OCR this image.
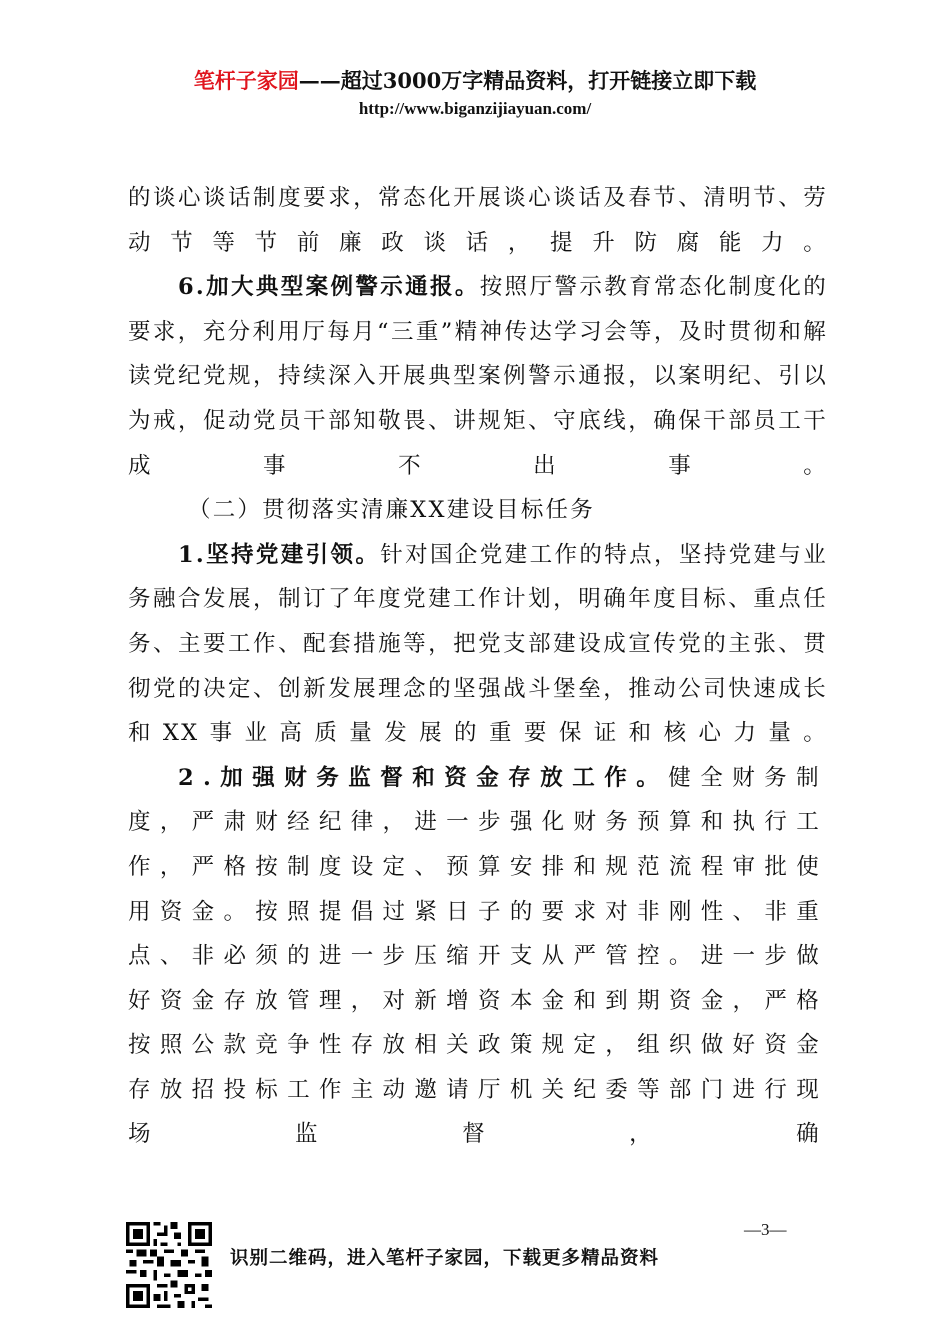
笔杆子家园——超过3000万字精品资料，打开链接立即下载
http://www.biganzijiayuan.com/

的谈心谈话制度要求，常态化开展谈心谈话及春节、清明节、劳动节等节前廉政谈话，提升防腐能力。

6.加大典型案例警示通报。按照厅警示教育常态化制度化的要求，充分利用厅每月“三重”精神传达学习会等，及时贯彻和解读党纪党规，持续深入开展典型案例警示通报，以案明纪、引以为戒，促动党员干部知敬畏、讲规矩、守底线，确保干部员工干成事不出事。

（二）贯彻落实清廉XX建设目标任务

1.坚持党建引领。针对国企党建工作的特点，坚持党建与业务融合发展，制订了年度党建工作计划，明确年度目标、重点任务、主要工作、配套措施等，把党支部建设成宣传党的主张、贯彻党的决定、创新发展理念的坚强战斗堡垒，推动公司快速成长和XX事业高质量发展的重要保证和核心力量。

2.加强财务监督和资金存放工作。健全财务制度，严肃财经纪律，进一步强化财务预算和执行工作，严格按制度设定、预算安排和规范流程审批使用资金。按照提倡过紧日子的要求对非刚性、非重点、非必须的进一步压缩开支从严管控。进一步做好资金存放管理，对新增资本金和到期资金，严格按照公款竞争性存放相关政策规定，组织做好资金存放招投标工作主动邀请厅机关纪委等部门进行现场监督，确

—3—
识别二维码，进入笔杆子家园，下载更多精品资料
